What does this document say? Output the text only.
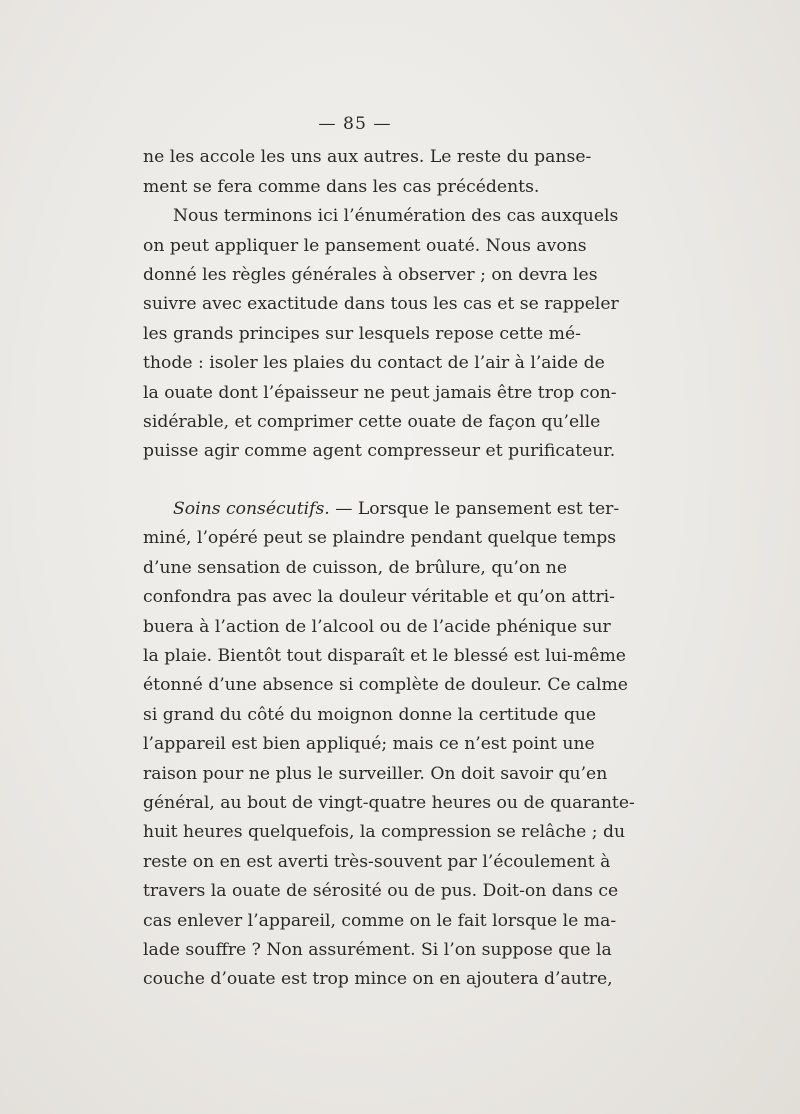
— 85 —
ne les accole les uns aux autres. Le reste du panse-
ment se fera comme dans les cas précédents.
Nous terminons ici l’énumération des cas auxquels
on peut appliquer le pansement ouaté. Nous avons
donné les règles générales à observer ; on devra les
suivre avec exactitude dans tous les cas et se rappeler
les grands principes sur lesquels repose cette mé-
thode : isoler les plaies du contact de l’air à l’aide de
la ouate dont l’épaisseur ne peut jamais être trop con-
sidérable, et comprimer cette ouate de façon qu’elle
puisse agir comme agent compresseur et purificateur.
Soins consécutifs. — Lorsque le pansement est ter-
miné, l’opéré peut se plaindre pendant quelque temps
d’une sensation de cuisson, de brûlure, qu’on ne
confondra pas avec la douleur véritable et qu’on attri-
buera à l’action de l’alcool ou de l’acide phénique sur
la plaie. Bientôt tout disparaît et le blessé est lui-même
étonné d’une absence si complète de douleur. Ce calme
si grand du côté du moignon donne la certitude que
l’appareil est bien appliqué; mais ce n’est point une
raison pour ne plus le surveiller. On doit savoir qu’en
général, au bout de vingt-quatre heures ou de quarante-
huit heures quelquefois, la compression se relâche ; du
reste on en est averti très-souvent par l’écoulement à
travers la ouate de sérosité ou de pus. Doit-on dans ce
cas enlever l’appareil, comme on le fait lorsque le ma-
lade souffre ? Non assurément. Si l’on suppose que la
couche d’ouate est trop mince on en ajoutera d’autre,
